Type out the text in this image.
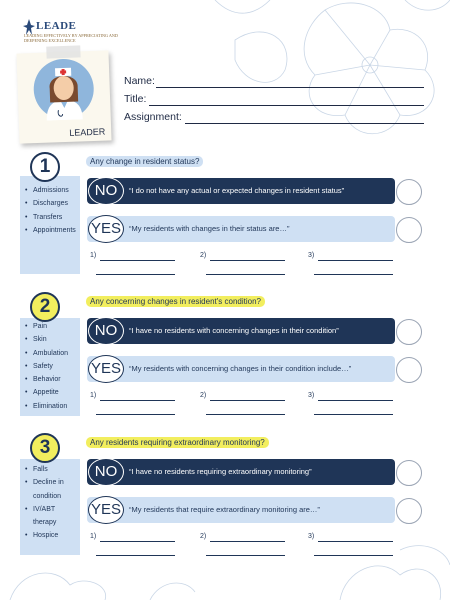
LEADE
LEADING EFFECTIVELY BY APPRECIATING AND DEEPENING EXCELLENCE
LEADER
Name:
Title:
Assignment:
• Admissions
• Discharges
• Transfers
• Appointments
1	Any change in resident status?
NO	“I do not have any actual or expected changes in resident status”
YES	“My residents with changes in their status are…”
1)	2)	3)
• Pain
• Skin
• Ambulation
• Safety
• Behavior
• Appetite
• Elimination
2	Any concerning changes in resident's condition?
NO	“I have no residents with concerning changes in their condition”
YES	“My residents with concerning changes in their condition include…”
1)	2)	3)
• Falls
• Decline in condition
• IV/ABT therapy
• Hospice
3	Any residents requiring extraordinary monitoring?
NO	“I have no residents requiring extraordinary monitoring”
YES	“My residents that require extraordinary monitoring are…”
1)	2)	3)
